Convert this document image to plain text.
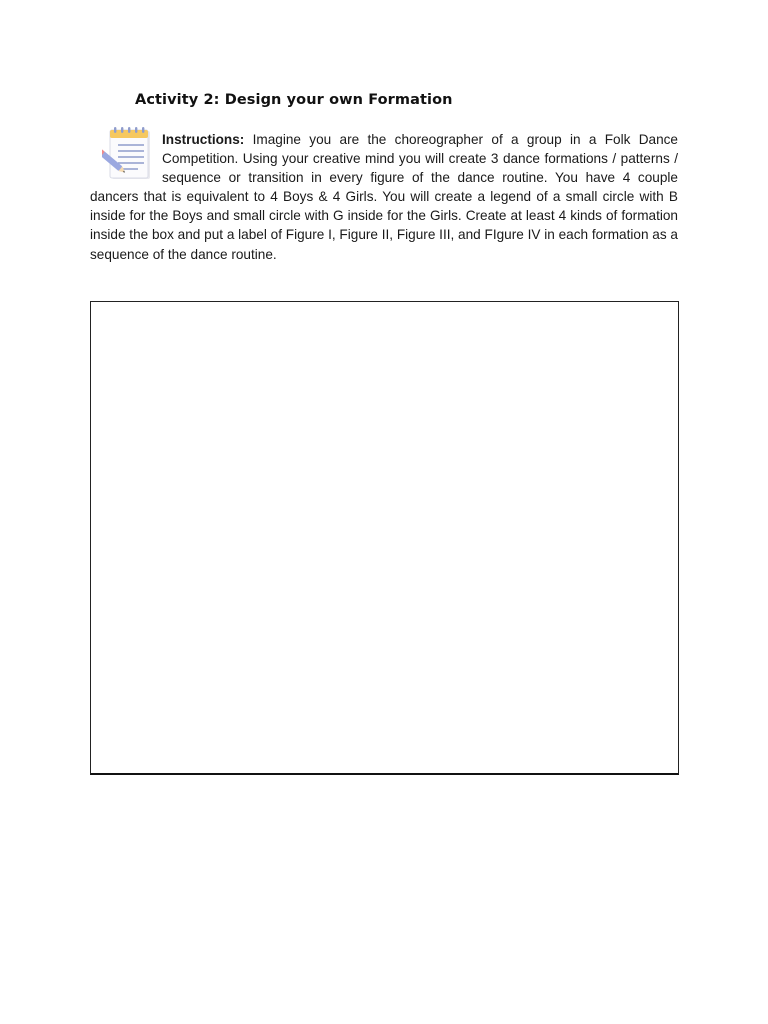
Activity 2: Design your own Formation
Instructions: Imagine you are the choreographer of a group in a Folk Dance Competition. Using your creative mind you will create 3 dance formations / patterns / sequence or transition in every figure of the dance routine. You have 4 couple dancers that is equivalent to 4 Boys & 4 Girls. You will create a legend of a small circle with B inside for the Boys and small circle with G inside for the Girls. Create at least 4 kinds of formation inside the box and put a label of Figure I, Figure II, Figure III, and FIgure IV in each formation as a sequence of the dance routine.
